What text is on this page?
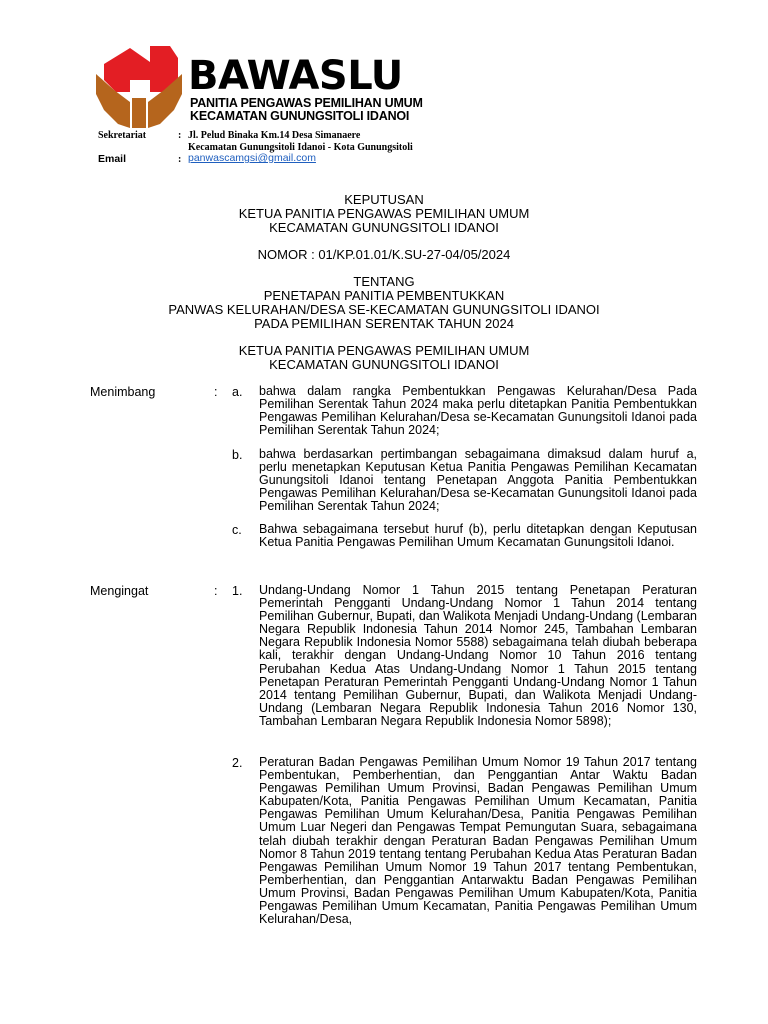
BAWASLU
PANITIA PENGAWAS PEMILIHAN UMUM
KECAMATAN GUNUNGSITOLI IDANOI
Sekretariat	: Jl. Pelud Binaka Km.14 Desa Simanaere
Kecamatan Gunungsitoli Idanoi - Kota Gunungsitoli
Email	: panwascamgsi@gmail.com
KEPUTUSAN
KETUA PANITIA PENGAWAS PEMILIHAN UMUM
KECAMATAN GUNUNGSITOLI IDANOI
NOMOR : 01/KP.01.01/K.SU-27-04/05/2024
TENTANG
PENETAPAN PANITIA PEMBENTUKKAN
PANWAS KELURAHAN/DESA SE-KECAMATAN GUNUNGSITOLI IDANOI
PADA PEMILIHAN SERENTAK TAHUN 2024
KETUA PANITIA PENGAWAS PEMILIHAN UMUM
KECAMATAN GUNUNGSITOLI IDANOI
Menimbang	: a. bahwa dalam rangka Pembentukkan Pengawas Kelurahan/Desa Pada Pemilihan Serentak Tahun 2024 maka perlu ditetapkan Panitia Pembentukkan Pengawas Pemilihan Kelurahan/Desa se-Kecamatan Gunungsitoli Idanoi pada Pemilihan Serentak Tahun 2024;
b. bahwa berdasarkan pertimbangan sebagaimana dimaksud dalam huruf a, perlu menetapkan Keputusan Ketua Panitia Pengawas Pemilihan Kecamatan Gunungsitoli Idanoi tentang Penetapan Anggota Panitia Pembentukkan Pengawas Pemilihan Kelurahan/Desa se-Kecamatan Gunungsitoli Idanoi pada Pemilihan Serentak Tahun 2024;
c. Bahwa sebagaimana tersebut huruf (b), perlu ditetapkan dengan Keputusan Ketua Panitia Pengawas Pemilihan Umum Kecamatan Gunungsitoli Idanoi.
Mengingat	: 1. Undang-Undang Nomor 1 Tahun 2015 tentang Penetapan Peraturan Pemerintah Pengganti Undang-Undang Nomor 1 Tahun 2014 tentang Pemilihan Gubernur, Bupati, dan Walikota Menjadi Undang-Undang (Lembaran Negara Republik Indonesia Tahun 2014 Nomor 245, Tambahan Lembaran Negara Republik Indonesia Nomor 5588) sebagaimana telah diubah beberapa kali, terakhir dengan Undang-Undang Nomor 10 Tahun 2016 tentang Perubahan Kedua Atas Undang-Undang Nomor 1 Tahun 2015 tentang Penetapan Peraturan Pemerintah Pengganti Undang-Undang Nomor 1 Tahun 2014 tentang Pemilihan Gubernur, Bupati, dan Walikota Menjadi Undang-Undang (Lembaran Negara Republik Indonesia Tahun 2016 Nomor 130, Tambahan Lembaran Negara Republik Indonesia Nomor 5898);
2. Peraturan Badan Pengawas Pemilihan Umum Nomor 19 Tahun 2017 tentang Pembentukan, Pemberhentian, dan Penggantian Antar Waktu Badan Pengawas Pemilihan Umum Provinsi, Badan Pengawas Pemilihan Umum Kabupaten/Kota, Panitia Pengawas Pemilihan Umum Kecamatan, Panitia Pengawas Pemilihan Umum Kelurahan/Desa, Panitia Pengawas Pemilihan Umum Luar Negeri dan Pengawas Tempat Pemungutan Suara, sebagaimana telah diubah terakhir dengan Peraturan Badan Pengawas Pemilihan Umum Nomor 8 Tahun 2019 tentang tentang Perubahan Kedua Atas Peraturan Badan Pengawas Pemilihan Umum Nomor 19 Tahun 2017 tentang Pembentukan, Pemberhentian, dan Penggantian Antarwaktu Badan Pengawas Pemilihan Umum Provinsi, Badan Pengawas Pemilihan Umum Kabupaten/Kota, Panitia Pengawas Pemilihan Umum Kecamatan, Panitia Pengawas Pemilihan Umum Kelurahan/Desa,
